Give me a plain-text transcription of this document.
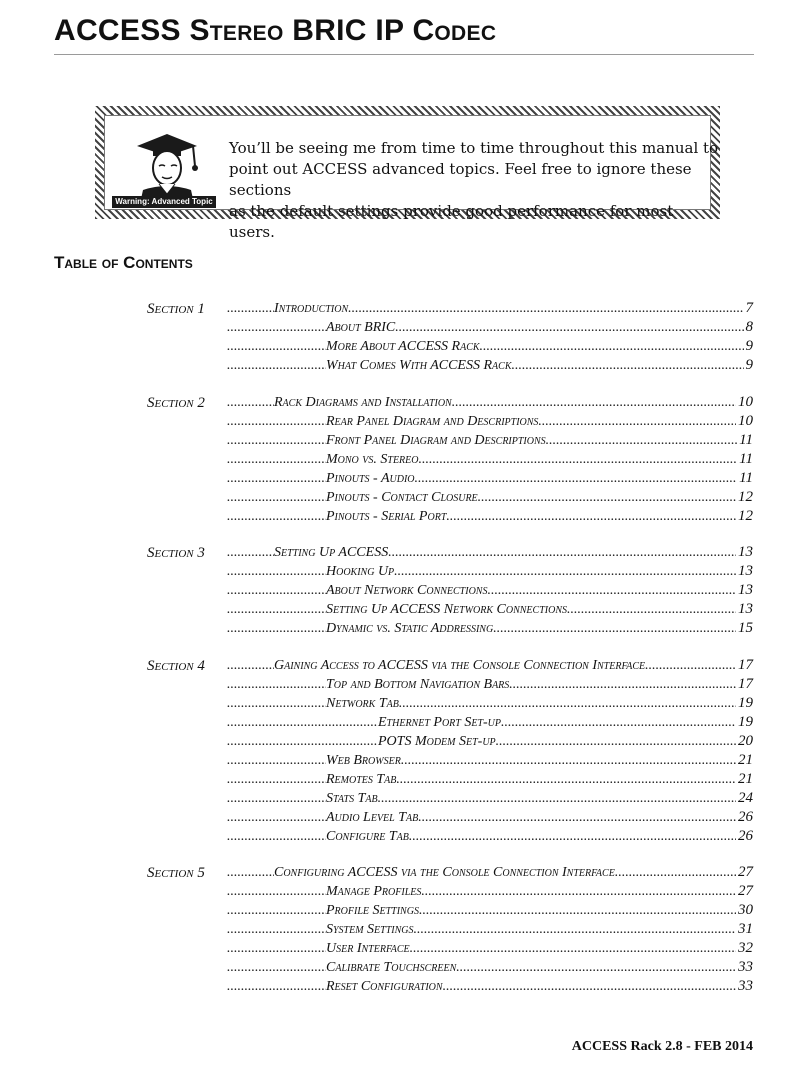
ACCESS Stereo BRIC IP Codec
Warning: Advanced Topic
You’ll be seeing me from time to time throughout this manual to
point out ACCESS advanced topics. Feel free to ignore these sections
as the default settings provide good performance for most users.
Table of Contents
Section 1 .....	Introduction .....	7
.....
About BRIC .....	8
.....
More About ACCESS Rack .....	9
.....
What Comes With ACCESS Rack .....	9
Section 2 .....	Rack Diagrams and Installation .....	10
.....
Rear Panel Diagram and Descriptions .....	10
.....
Front Panel Diagram and Descriptions .....	11
.....
Mono vs. Stereo .....	11
.....
Pinouts - Audio .....	11
.....
Pinouts - Contact Closure .....	12
.....
Pinouts - Serial Port .....	12
Section 3 .....	Setting Up ACCESS .....	13
.....
Hooking Up .....	13
.....
About Network Connections .....	13
.....
Setting Up ACCESS Network Connections .....	13
.....
Dynamic vs. Static Addressing .....	15
Section 4 .....	Gaining Access to ACCESS via the Console Connection Interface .....	17
.....
Top and Bottom Navigation Bars .....	17
.....
Network Tab .....	19
.....
Ethernet Port Set-up .....	19
.....
POTS Modem Set-up .....	20
.....
Web Browser .....	21
.....
Remotes Tab .....	21
.....
Stats Tab .....	24
.....
Audio Level Tab .....	26
.....
Configure Tab .....	26
Section 5 .....	Configuring ACCESS via the Console Connection Interface .....	27
.....
Manage Profiles .....	27
.....
Profile Settings .....	30
.....
System Settings .....	31
.....
User Interface .....	32
.....
Calibrate Touchscreen .....	33
.....
Reset Configuration .....	33
ACCESS Rack 2.8 - FEB 2014
